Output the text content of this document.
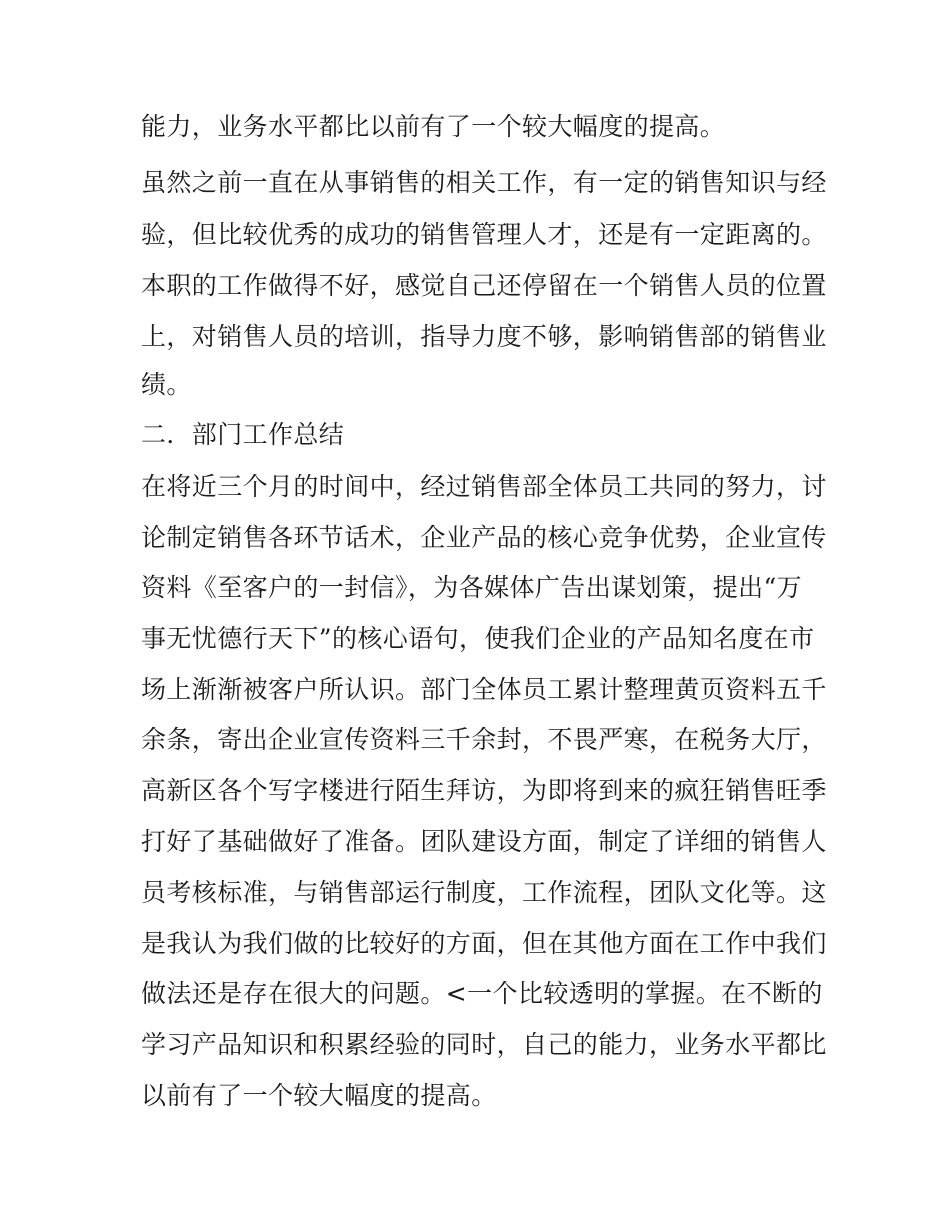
能力，业务水平都比以前有了一个较大幅度的提高。
虽然之前一直在从事销售的相关工作，有一定的销售知识与经
验，但比较优秀的成功的销售管理人才，还是有一定距离的。
本职的工作做得不好，感觉自己还停留在一个销售人员的位置
上，对销售人员的培训，指导力度不够，影响销售部的销售业
绩。
二．部门工作总结
在将近三个月的时间中，经过销售部全体员工共同的努力，讨
论制定销售各环节话术，企业产品的核心竞争优势，企业宣传
资料《至客户的一封信》，为各媒体广告出谋划策，提出“万
事无忧德行天下”的核心语句，使我们企业的产品知名度在市
场上渐渐被客户所认识。部门全体员工累计整理黄页资料五千
余条，寄出企业宣传资料三千余封，不畏严寒，在税务大厅，
高新区各个写字楼进行陌生拜访，为即将到来的疯狂销售旺季
打好了基础做好了准备。团队建设方面，制定了详细的销售人
员考核标准，与销售部运行制度，工作流程，团队文化等。这
是我认为我们做的比较好的方面，但在其他方面在工作中我们
做法还是存在很大的问题。<一个比较透明的掌握。在不断的
学习产品知识和积累经验的同时，自己的能力，业务水平都比
以前有了一个较大幅度的提高。
